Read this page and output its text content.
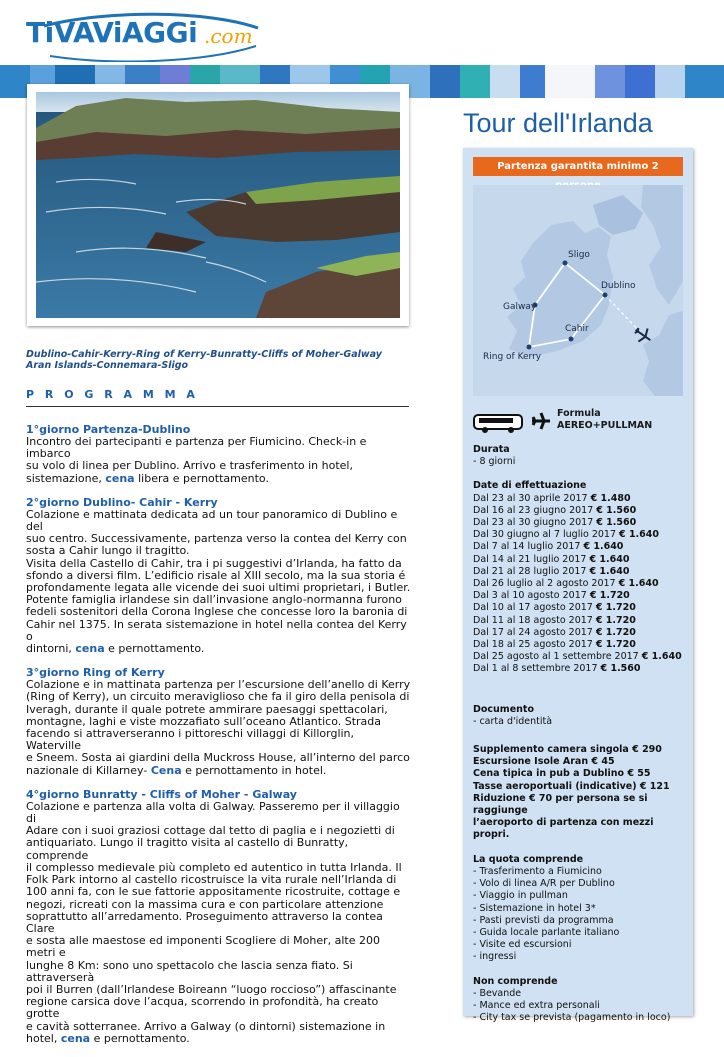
TiVAViAGGi .com
Tour dell'Irlanda
Dublino-Cahir-Kerry-Ring of Kerry-Bunratty-Cliffs of Moher-Galway
Aran Islands-Connemara-Sligo
P R O G R A M M A
1°giorno Partenza-Dublino
Incontro dei partecipanti e partenza per Fiumicino. Check-in e imbarco
su volo di linea per Dublino. Arrivo e trasferimento in hotel,
sistemazione, cena libera e pernottamento.
2°giorno Dublino- Cahir - Kerry
Colazione e mattinata dedicata ad un tour panoramico di Dublino e del
suo centro. Successivamente, partenza verso la contea del Kerry con
sosta a Cahir lungo il tragitto.
Visita della Castello di Cahir, tra i pi suggestivi d’Irlanda, ha fatto da
sfondo a diversi film. L’edificio risale al XIII secolo, ma la sua storia é
profondamente legata alle vicende dei suoi ultimi proprietari, i Butler.
Potente famiglia irlandese sin dall’invasione anglo-normanna furono
fedeli sostenitori della Corona Inglese che concesse loro la baronia di
Cahir nel 1375. In serata sistemazione in hotel nella contea del Kerry o
dintorni, cena e pernottamento.
3°giorno Ring of Kerry
Colazione e in mattinata partenza per l’escursione dell’anello di Kerry
(Ring of Kerry), un circuito meraviglioso che fa il giro della penisola di
Iveragh, durante il quale potrete ammirare paesaggi spettacolari,
montagne, laghi e viste mozzafiato sull’oceano Atlantico. Strada
facendo si attraverseranno i pittoreschi villaggi di Killorglin, Waterville
e Sneem. Sosta ai giardini della Muckross House, all’interno del parco
nazionale di Killarney- Cena e pernottamento in hotel.
4°giorno Bunratty - Cliffs of Moher - Galway
Colazione e partenza alla volta di Galway. Passeremo per il villaggio di
Adare con i suoi graziosi cottage dal tetto di paglia e i negozietti di
antiquariato. Lungo il tragitto visita al castello di Bunratty, comprende
il complesso medievale più completo ed autentico in tutta Irlanda. Il
Folk Park intorno al castello ricostruisce la vita rurale nell’Irlanda di
100 anni fa, con le sue fattorie appositamente ricostruite, cottage e
negozi, ricreati con la massima cura e con particolare attenzione
soprattutto all’arredamento. Proseguimento attraverso la contea Clare
e sosta alle maestose ed imponenti Scogliere di Moher, alte 200 metri e
lunghe 8 Km: sono uno spettacolo che lascia senza fiato. Si attraverserà
poi il Burren (dall’Irlandese Boireann “luogo roccioso”) affascinante
regione carsica dove l’acqua, scorrendo in profondità, ha creato grotte
e cavità sotterranee. Arrivo a Galway (o dintorni) sistemazione in
hotel, cena e pernottamento.
Partenza garantita minimo 2
Sligo
Galway
Dublino
Cahir
Ring of Kerry
Formula
AEREO+PULLMAN
Durata
- 8 giorni
Date di effettuazione
Dal 23 al 30 aprile 2017 € 1.480
Dal 16 al 23 giugno 2017 € 1.560
Dal 23 al 30 giugno 2017 € 1.560
Dal 30 giugno al 7 luglio 2017 € 1.640
Dal 7 al 14 luglio 2017 € 1.640
Dal 14 al 21 luglio 2017 € 1.640
Dal 21 al 28 luglio 2017 € 1.640
Dal 26 luglio al 2 agosto 2017 € 1.640
Dal 3 al 10 agosto 2017 € 1.720
Dal 10 al 17 agosto 2017 € 1.720
Dal 11 al 18 agosto 2017 € 1.720
Dal 17 al 24 agosto 2017 € 1.720
Dal 18 al 25 agosto 2017 € 1.720
Dal 25 agosto al 1 settembre 2017 € 1.640
Dal 1 al 8 settembre 2017 € 1.560
Documento
- carta d'identità
Supplemento camera singola € 290
Escursione Isole Aran € 45
Cena tipica in pub a Dublino € 55
Tasse aeroportuali (indicative) € 121
Riduzione € 70 per persona se si raggiunge
l’aeroporto di partenza con mezzi propri.
La quota comprende
- Trasferimento a Fiumicino
- Volo di linea A/R per Dublino
- Viaggio in pullman
- Sistemazione in hotel 3*
- Pasti previsti da programma
- Guida locale parlante italiano
- Visite ed escursioni
- ingressi
Non comprende
- Bevande
- Mance ed extra personali
- City tax se prevista (pagamento in loco)
